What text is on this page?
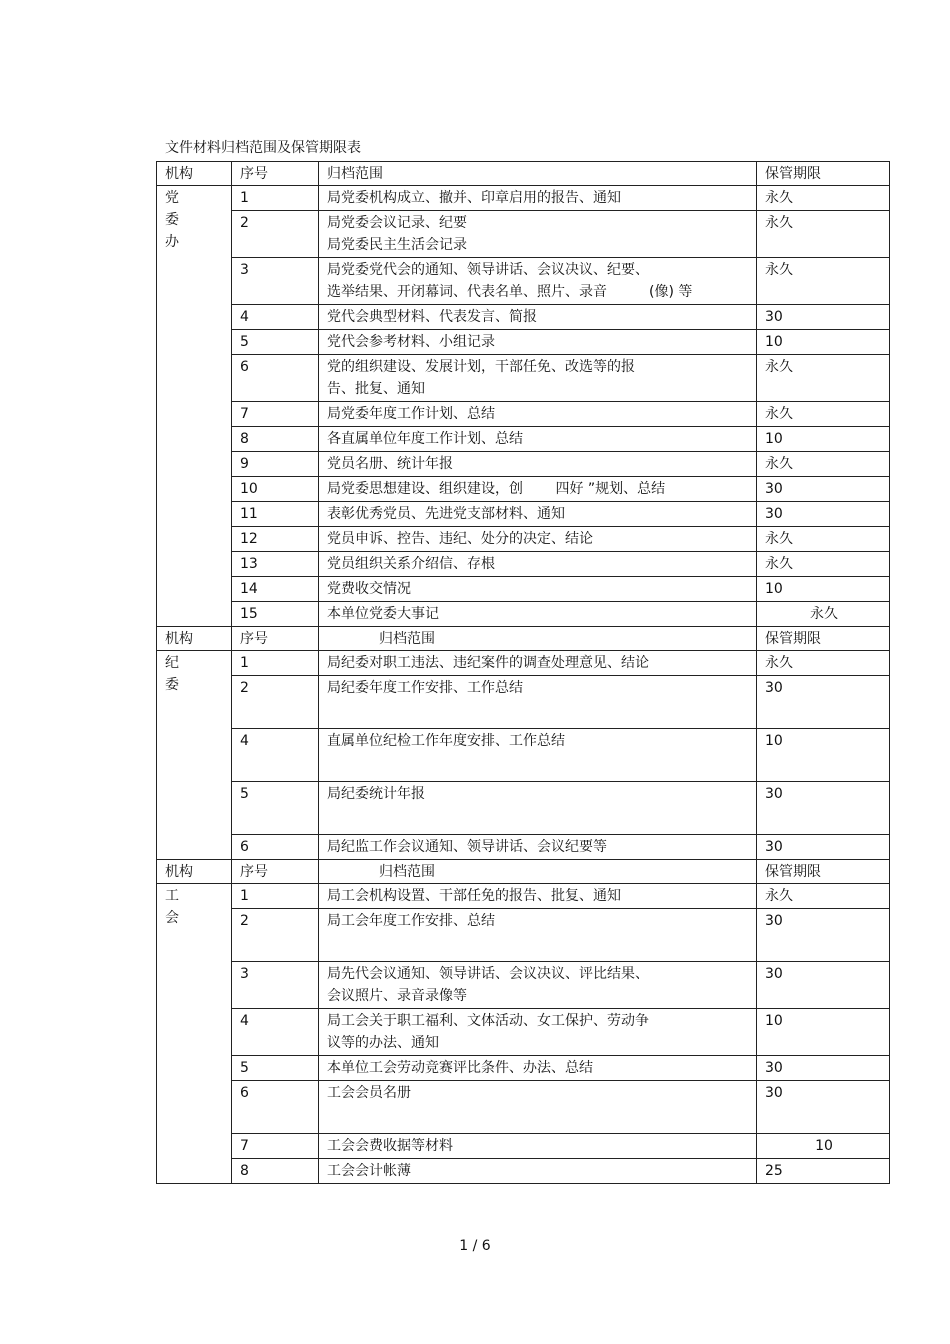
文件材料归档范围及保管期限表
机构	序号	归档范围	保管期限

党
委
办	1	局党委机构成立、撤并、印章启用的报告、通知	永久
	2	局党委会议记录、纪要
局党委民主生活会记录	永久
	3	局党委党代会的通知、领导讲话、会议决议、纪要、
选举结果、开闭幕词、代表名单、照片、录音　　　(像) 等	永久
	4	党代会典型材料、代表发言、简报	30
	5	党代会参考材料、小组记录	10
	6	党的组织建设、发展计划，干部任免、改选等的报
告、批复、通知	永久
	7	局党委年度工作计划、总结	永久
	8	各直属单位年度工作计划、总结	10
	9	党员名册、统计年报	永久
	10	局党委思想建设、组织建设，创　　 四好 ”规划、总结	30
	11	表彰优秀党员、先进党支部材料、通知	30
	12	党员申诉、控告、违纪、处分的决定、结论	永久
	13	党员组织关系介绍信、存根	永久
	14	党费收交情况	10
	15	本单位党委大事记	永久
机构	序号	归档范围	保管期限

纪
委	1	局纪委对职工违法、违纪案件的调查处理意见、结论	永久
	2	局纪委年度工作安排、工作总结	30
	4	直属单位纪检工作年度安排、工作总结	10
	5	局纪委统计年报	30
	6	局纪监工作会议通知、领导讲话、会议纪要等	30
机构	序号	归档范围	保管期限

工
会	1	局工会机构设置、干部任免的报告、批复、通知	永久
	2	局工会年度工作安排、总结	30
	3	局先代会议通知、领导讲话、会议决议、评比结果、
会议照片、录音录像等	30
	4	局工会关于职工福利、文体活动、女工保护、劳动争
议等的办法、通知	10
	5	本单位工会劳动竞赛评比条件、办法、总结	30
	6	工会会员名册	30
	7	工会会费收据等材料	10
	8	工会会计帐薄	25
1 / 6
